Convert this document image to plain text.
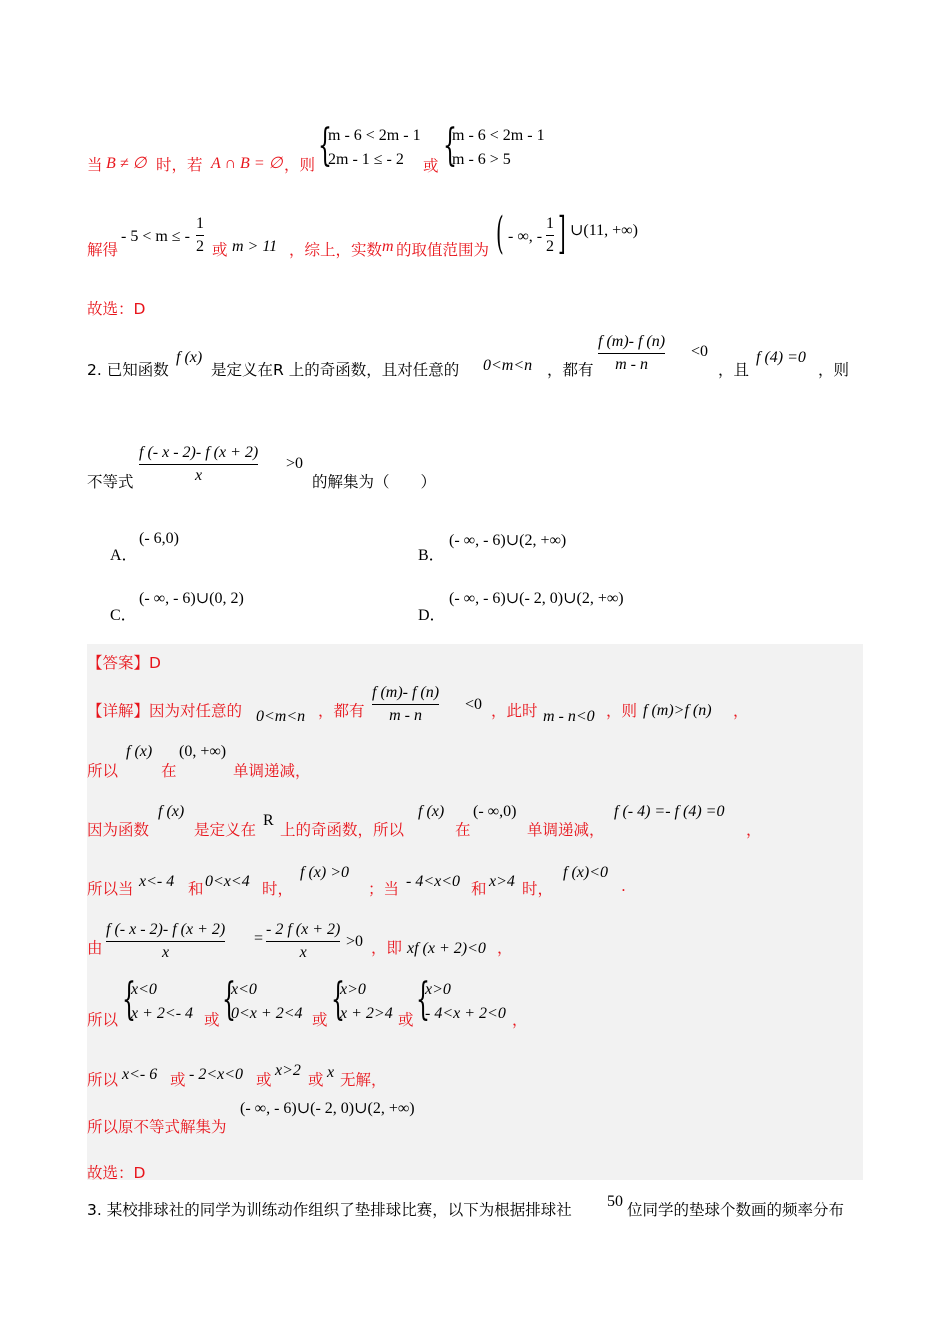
当 B ≠ ∅ 时，若 A ∩ B = ∅ ，则 {
m - 6 < 2m - 1
2m - 1 ≤ - 2	或 {
m - 6 < 2m - 1
m - 6 > 5
解得
- 5 < m ≤ -
1
2 或 m > 11 ，综上，实数 m 的取值范围为 ( - ∞, -
1
2 ] ∪(11, +∞)
故选：D
2. 已知函数
f (x)
是定义在R 上的奇函数，且对任意的 0<m<n ，都有
f (m)- f (n)
m - n
<0
，且
f (4) =0
，则
不等式
f (- x - 2)- f (x + 2)
x
>0
的解集为（　　）
A．
(- 6,0)
B．
(- ∞, - 6)∪(2, +∞)
C．
(- ∞, - 6)∪(0, 2)
D．
(- ∞, - 6)∪(- 2, 0)∪(2, +∞)
【答案】D
【详解】因为对任意的 0<m<n ，都有
f (m)- f (n)
m - n
<0 ，此时 m - n<0 ，则 f (m)>f (n) ，
所以
f (x)
在
(0, +∞)
单调递减，
因为函数
f (x)
是定义在
R
上的奇函数，所以
f (x)
在
(- ∞,0)
单调递减，
f (- 4) =- f (4) =0
，
所以当 x<- 4 和 0<x<4 时，
f (x) >0
；当 - 4<x<0 和 x>4 时，
f (x)<0
.
由
f (- x - 2)- f (x + 2)
x
=
- 2 f (x + 2)
x
>0 ，即 xf (x + 2)<0 ，
所以 {
x<0
x + 2<- 4 或 {
x<0
0<x + 2<4 或 {
x>0
x + 2>4 或 {
x>0
- 4<x + 2<0 ，
所以 x<- 6 或 - 2<x<0 或
x>2
或 x 无解，
所以原不等式解集为
(- ∞, - 6)∪(- 2, 0)∪(2, +∞)
故选：D
3. 某校排球社的同学为训练动作组织了垫排球比赛，以下为根据排球社 50 位同学的垫球个数画的频率分布
